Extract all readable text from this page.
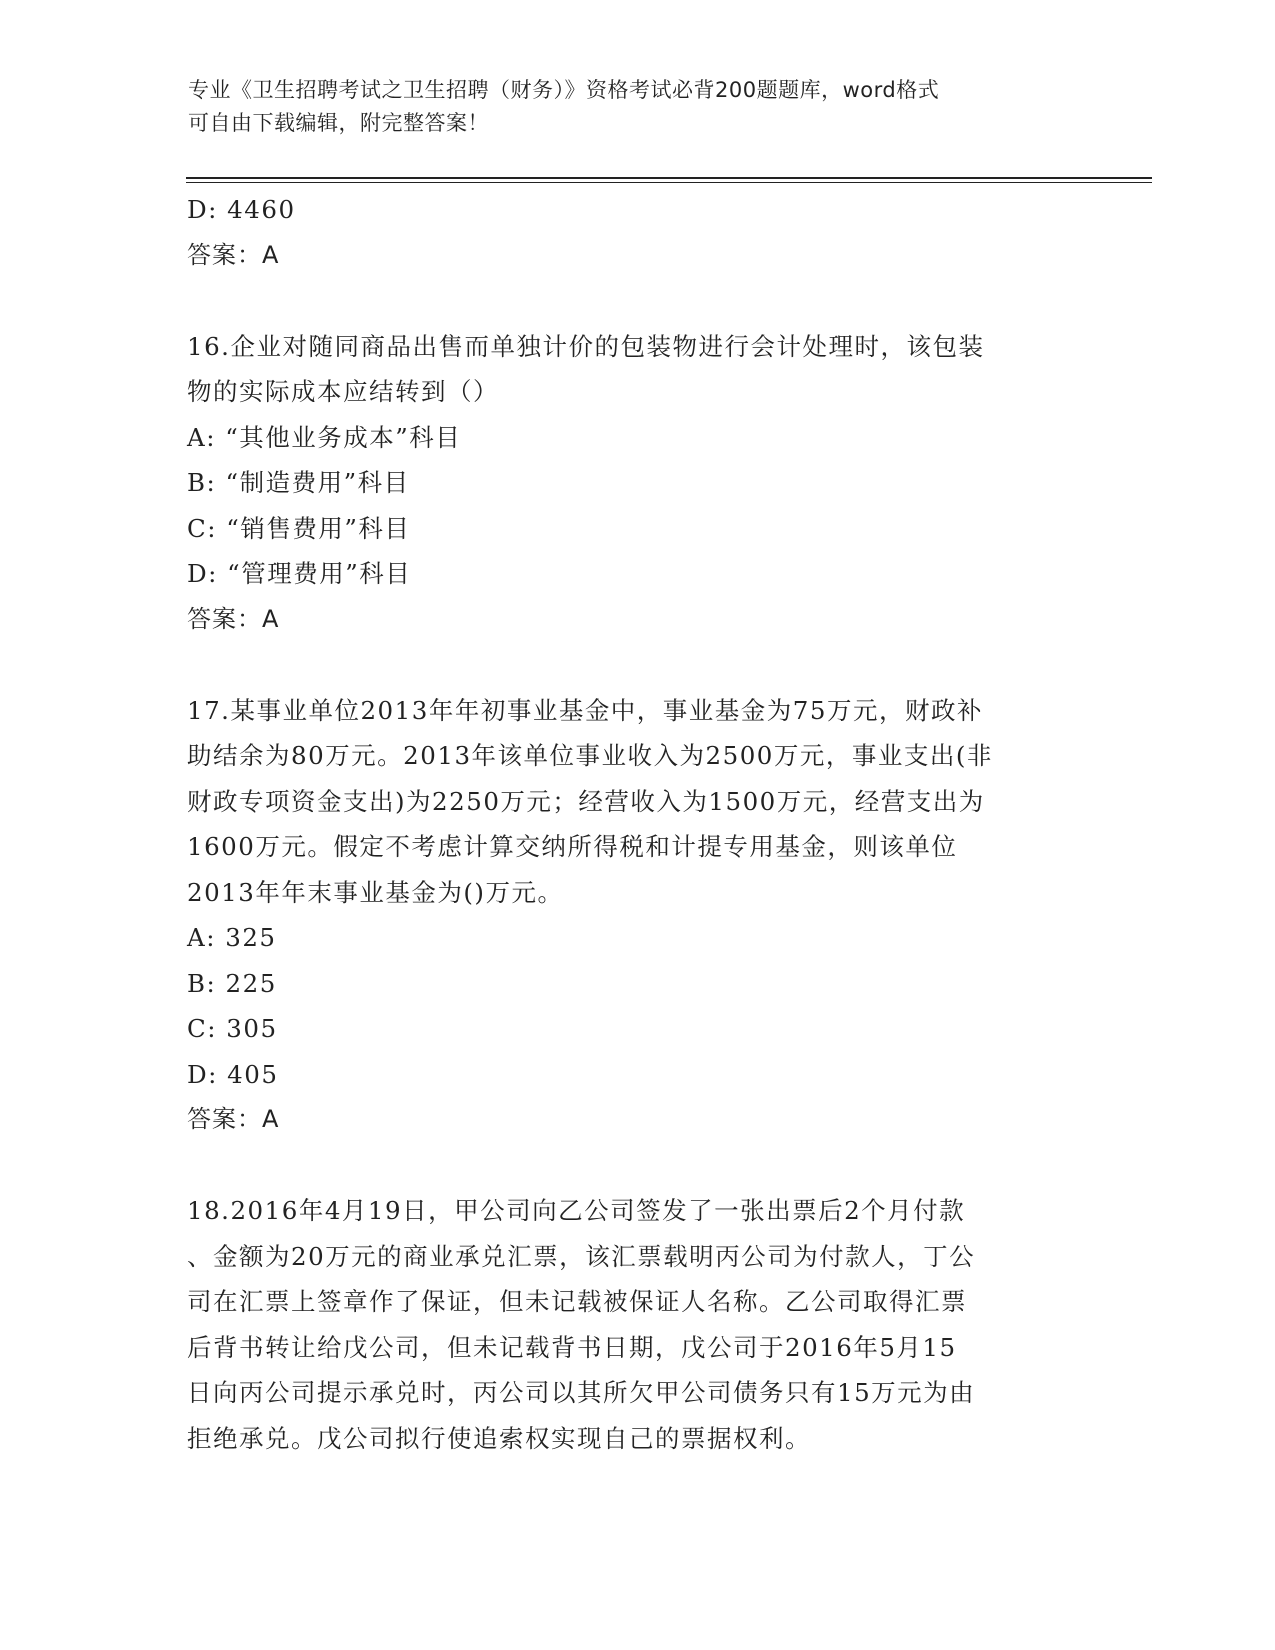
专业《卫生招聘考试之卫生招聘（财务）》资格考试必背200题题库，word格式
可自由下载编辑，附完整答案！
D: 4460
答案：A
16.企业对随同商品出售而单独计价的包装物进行会计处理时，该包装
物的实际成本应结转到（）
A: “其他业务成本”科目
B: “制造费用”科目
C: “销售费用”科目
D: “管理费用”科目
答案：A
17.某事业单位2013年年初事业基金中，事业基金为75万元，财政补
助结余为80万元。2013年该单位事业收入为2500万元，事业支出(非
财政专项资金支出)为2250万元；经营收入为1500万元，经营支出为
1600万元。假定不考虑计算交纳所得税和计提专用基金，则该单位
2013年年末事业基金为()万元。
A: 325
B: 225
C: 305
D: 405
答案：A
18.2016年4月19日，甲公司向乙公司签发了一张出票后2个月付款
、金额为20万元的商业承兑汇票，该汇票载明丙公司为付款人，丁公
司在汇票上签章作了保证，但未记载被保证人名称。乙公司取得汇票
后背书转让给戊公司，但未记载背书日期，戊公司于2016年5月15
日向丙公司提示承兑时，丙公司以其所欠甲公司债务只有15万元为由
拒绝承兑。戊公司拟行使追索权实现自己的票据权利。
